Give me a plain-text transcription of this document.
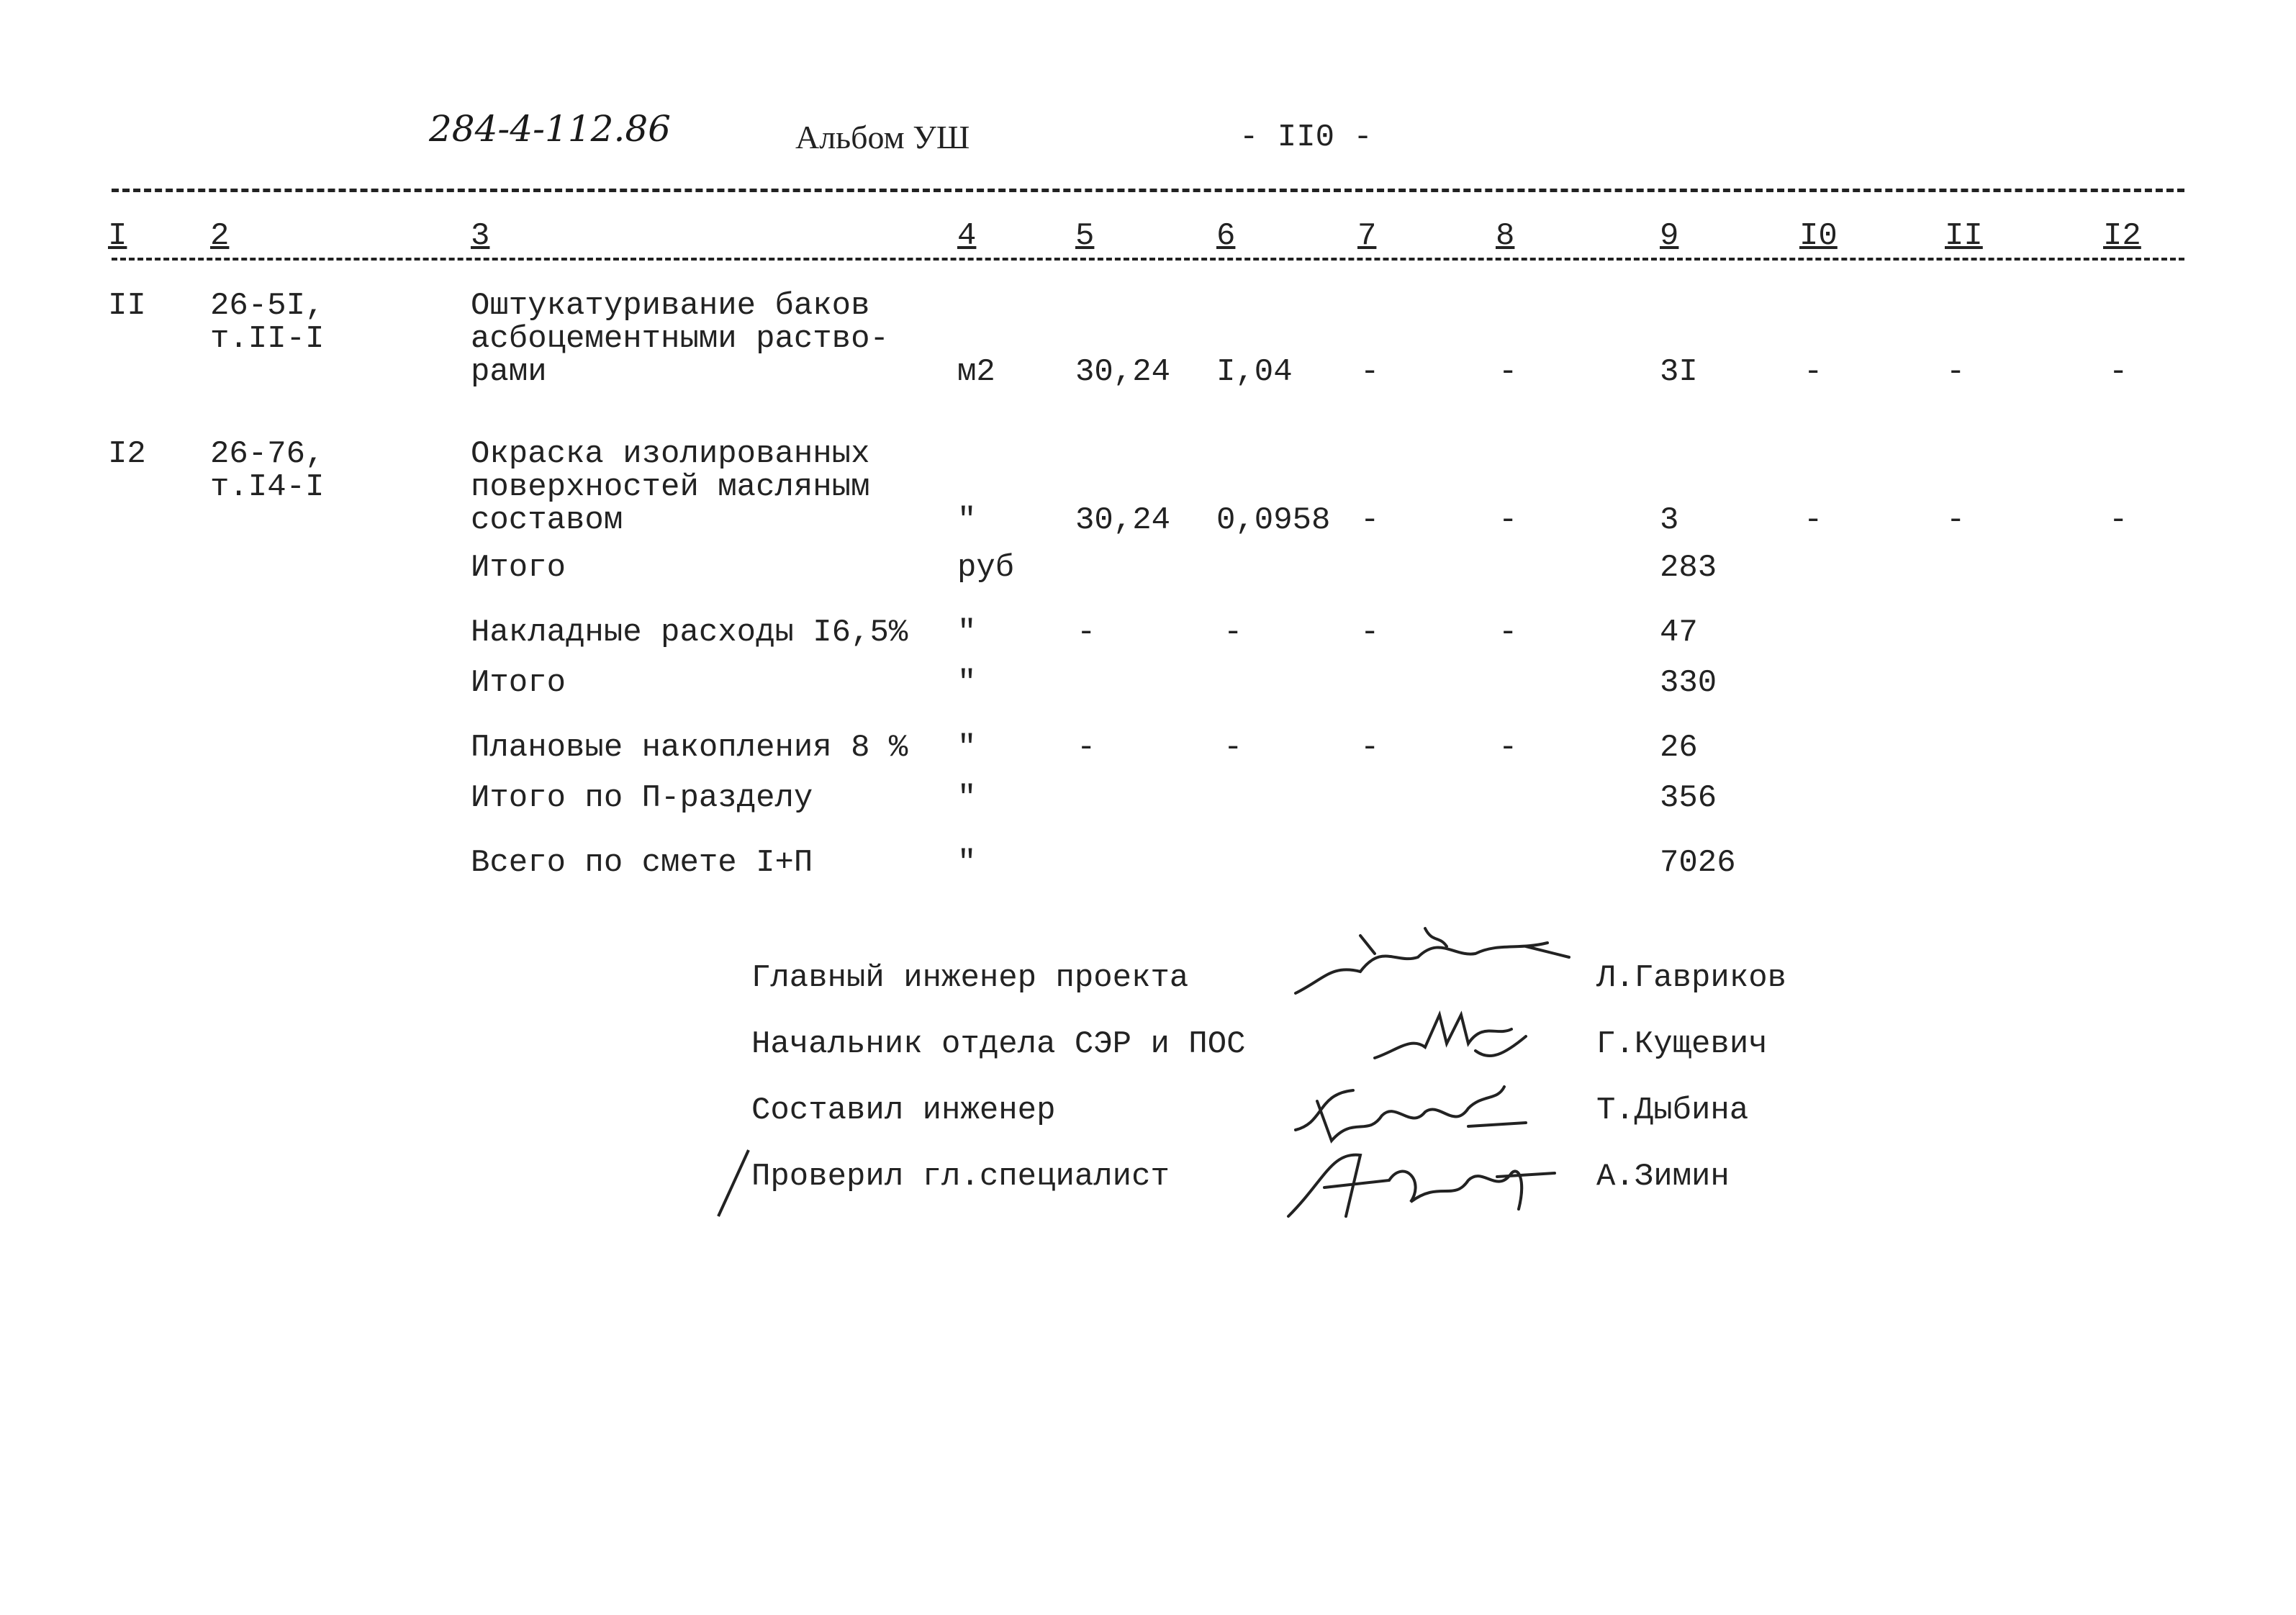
284-4-112.86	Альбом УШ	- II0 -
I	2	3	4	5	6	7	8	9	I0	II	I2
II 26-5I,
т.II-I
Оштукатуривание баков
асбоцементными раство-
рами	м2	30,24 I,04 -	-	3I	-	-	-
I2 26-76,
т.I4-I
Окраска изолированных
поверхностей масляным
составом	"	30,24 0,0958 -	-	3	-	-	-
Итого	руб	283
Накладные расходы I6,5% "	-	-	-	-	47
Итого	"	330
Плановые накопления 8 % "	-	-	-	-	26
Итого по П-разделу	"	356
Всего по смете I+П	"	7026
Главный инженер проекта	Л.Гавриков
Начальник отдела СЭР и ПОС	Г.Кущевич
Составил инженер	Т.Дыбина
Проверил гл.специалист	А.Зимин
